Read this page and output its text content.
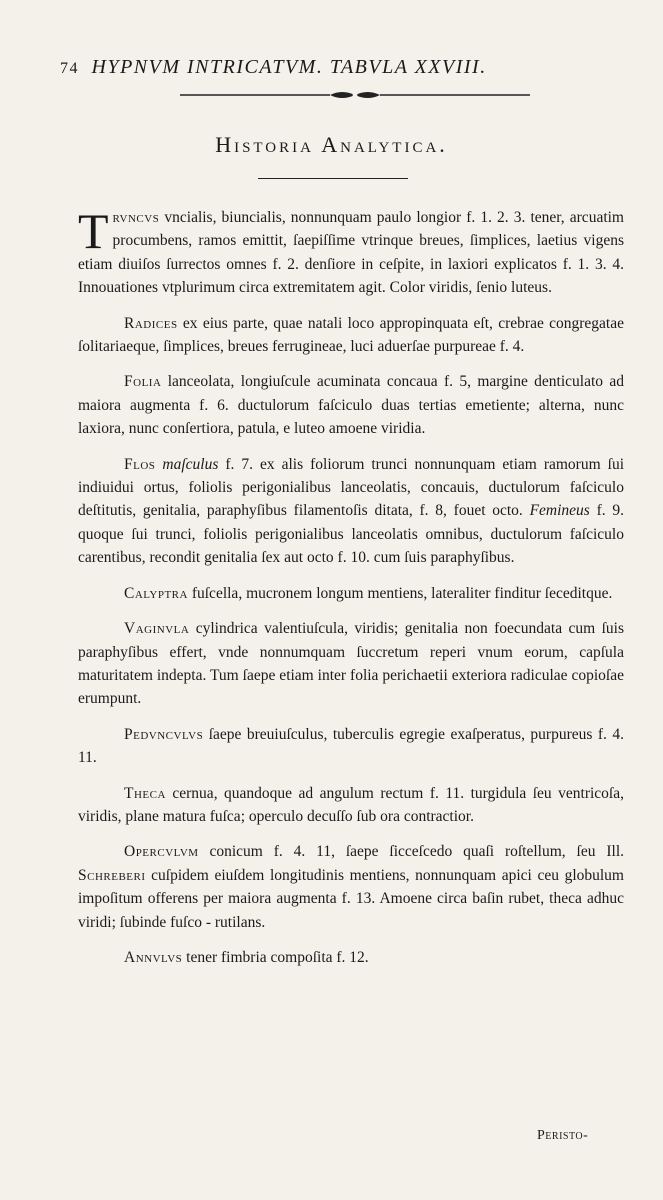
74 HYPNVM INTRICATVM. TABVLA XXVIII.
Historia Analytica.

Trvncvs vncialis, biuncialis, nonnunquam paulo longior f. 1. 2. 3. tener, arcuatim procumbens, ramos emittit, ſaepiſſime vtrinque breues, ſimplices, laetius vigens etiam diuiſos ſurrectos omnes f. 2. denſiore in ceſpite, in laxiori explicatos f. 1. 3. 4. Innouationes vtplurimum circa extremitatem agit. Color viridis, ſenio luteus.

Radices ex eius parte, quae natali loco appropinquata eſt, crebrae congregatae ſolitariaeque, ſimplices, breues ferrugineae, luci aduerſae purpureae f. 4.

Folia lanceolata, longiuſcule acuminata concaua f. 5, margine denticulato ad maiora augmenta f. 6. ductulorum faſciculo duas tertias emetiente; alterna, nunc laxiora, nunc conſertiora, patula, e luteo amoene viridia.

Flos maſculus f. 7. ex alis foliorum trunci nonnunquam etiam ramorum ſui indiuidui ortus, foliolis perigonialibus lanceolatis, concauis, ductulorum faſciculo deſtitutis, genitalia, paraphyſibus filamentoſis ditata, f. 8, fouet octo. Femineus f. 9. quoque ſui trunci, foliolis perigonialibus lanceolatis omnibus, ductulorum faſciculo carentibus, recondit genitalia ſex aut octo f. 10. cum ſuis paraphyſibus.

Calyptra fuſcella, mucronem longum mentiens, lateraliter finditur ſeceditque.

Vaginvla cylindrica valentiuſcula, viridis; genitalia non foecundata cum ſuis paraphyſibus effert, vnde nonnumquam ſuccretum reperi vnum eorum, capſula maturitatem indepta. Tum ſaepe etiam inter folia perichaetii exteriora radiculae copioſae erumpunt.

Pedvncvlvs ſaepe breuiuſculus, tuberculis egregie exaſperatus, purpureus f. 4. 11.

Theca cernua, quandoque ad angulum rectum f. 11. turgidula ſeu ventricoſa, viridis, plane matura fuſca; operculo decuſſo ſub ora contractior.

Opercvlvm conicum f. 4. 11, ſaepe ſicceſcedo quaſi roſtellum, ſeu Ill. Schreberi cuſpidem eiuſdem longitudinis mentiens, nonnunquam apici ceu globulum impoſitum offerens per maiora augmenta f. 13. Amoene circa baſin rubet, theca adhuc viridi; ſubinde fuſco - rutilans.

Annvlvs tener fimbria compoſita f. 12.

Peristo-
